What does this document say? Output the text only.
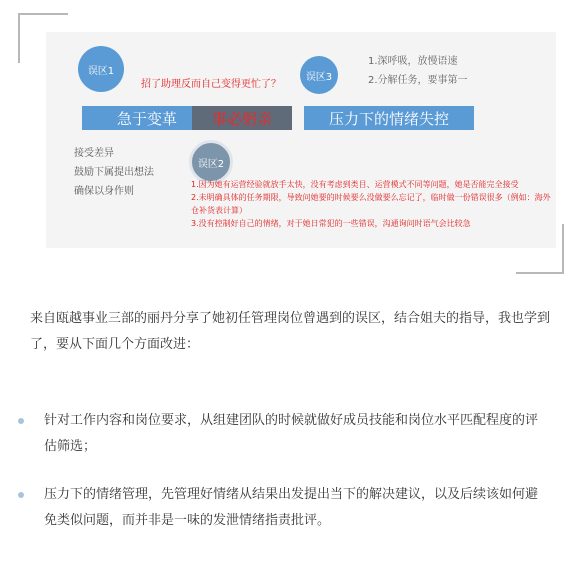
误区1
招了助理反而自己变得更忙了？
误区3
1.深呼吸，放慢语速
2.分解任务，要事第一
急于变革	事必躬亲	压力下的情绪失控
误区2
接受差异
鼓励下属提出想法
确保以身作则
1.因为她有运营经验就放手太快，没有考虑到类目、运营模式不同等问题，她是否能完全接受
2.未明确具体的任务期限，导致问她要的时候要么没做要么忘记了，临时做一份错误很多（例如：海外仓补货表计算）
3.没有控制好自己的情绪，对于她日常犯的一些错误，沟通询问时语气会比较急
来自瓯越事业三部的丽丹分享了她初任管理岗位曾遇到的误区，结合姐夫的指导，我也学到了，要从下面几个方面改进：
针对工作内容和岗位要求，从组建团队的时候就做好成员技能和岗位水平匹配程度的评估筛选；
压力下的情绪管理，先管理好情绪从结果出发提出当下的解决建议，以及后续该如何避免类似问题，而并非是一味的发泄情绪指责批评。
